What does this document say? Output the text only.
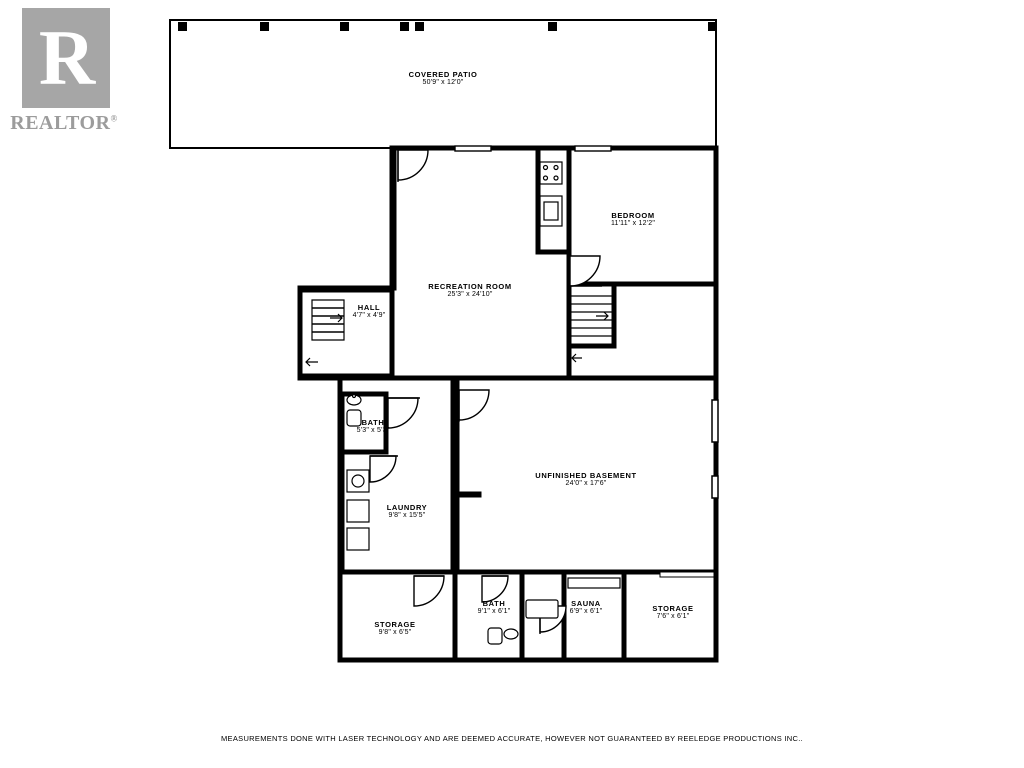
R
REALTOR®
COVERED PATIO
50'9" x 12'0"
BEDROOM
11'11" x 12'2"
RECREATION ROOM
25'3" x 24'10"
HALL
4'7" x 4'9"
BATH
5'3" x 5'3"
LAUNDRY
9'8" x 15'5"
UNFINISHED BASEMENT
24'0" x 17'6"
STORAGE
9'8" x 6'5"
BATH
9'1" x 6'1"
SAUNA
6'9" x 6'1"	STORAGE
7'6" x 6'1"
MEASUREMENTS DONE WITH LASER TECHNOLOGY AND ARE DEEMED ACCURATE, HOWEVER NOT GUARANTEED BY REELEDGE PRODUCTIONS INC..
